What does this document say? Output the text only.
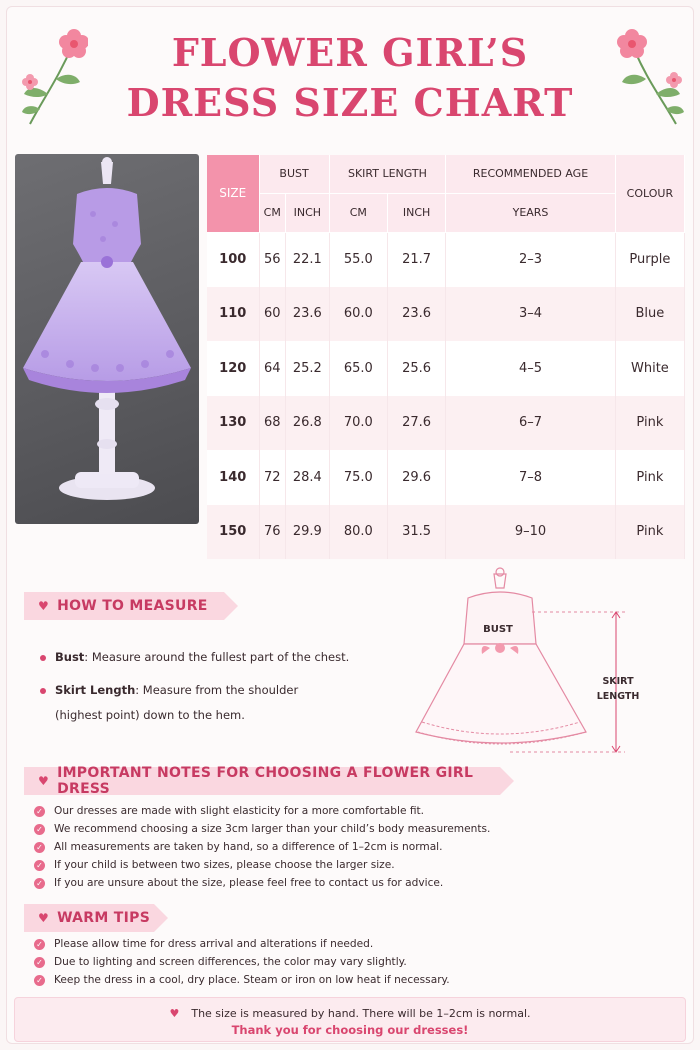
FLOWER GIRL’S
DRESS SIZE CHART
SIZE	BUST		SKIRT LENGTH		RECOMMENDED AGE	COLOUR
	CM	INCH	CM	INCH	YEARS	
100	56	22.1	55.0	21.7	2–3	Purple
110	60	23.6	60.0	23.6	3–4	Blue
120	64	25.2	65.0	25.6	4–5	White
130	68	26.8	70.0	27.6	6–7	Pink
140	72	28.4	75.0	29.6	7–8	Pink
150	76	29.9	80.0	31.5	9–10	Pink
♥ HOW TO MEASURE
Bust: Measure around the fullest part of the chest.
Skirt Length: Measure from the shoulder
(highest point) down to the hem.
BUST
SKIRT
LENGTH
♥ IMPORTANT NOTES FOR CHOOSING A FLOWER GIRL DRESS
✓ Our dresses are made with slight elasticity for a more comfortable fit.
✓ We recommend choosing a size 3cm larger than your child’s body measurements.
✓ All measurements are taken by hand, so a difference of 1–2cm is normal.
✓ If your child is between two sizes, please choose the larger size.
✓ If you are unsure about the size, please feel free to contact us for advice.
♥ WARM TIPS
✓ Please allow time for dress arrival and alterations if needed.
✓ Due to lighting and screen differences, the color may vary slightly.
✓ Keep the dress in a cool, dry place. Steam or iron on low heat if necessary.
♥ The size is measured by hand. There will be 1–2cm is normal.
Thank you for choosing our dresses!
